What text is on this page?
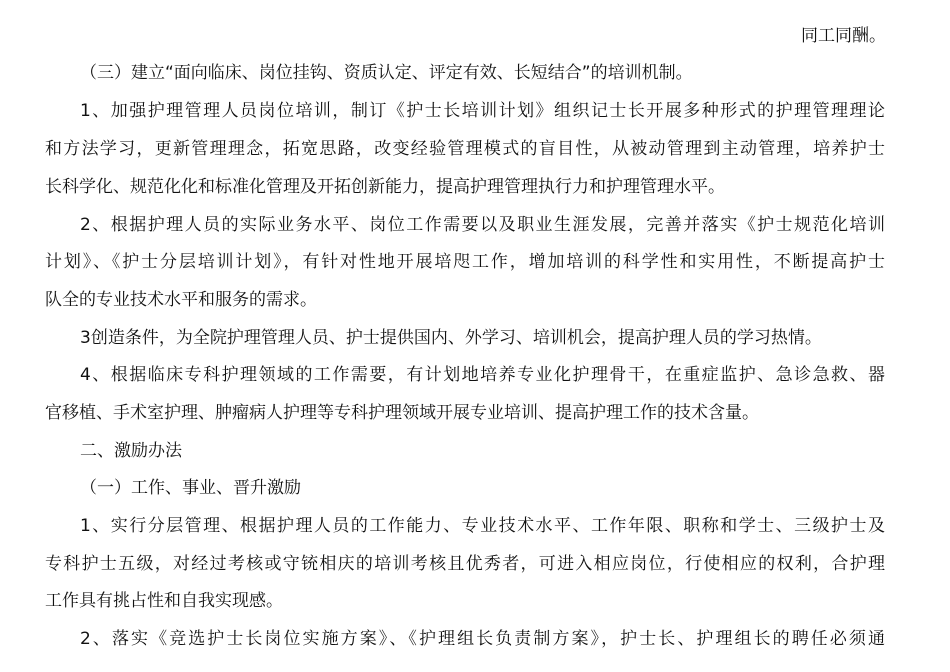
同工同酬。
（三）建立“面向临床、岗位挂钩、资质认定、评定有效、长短结合”的培训机制。
1、加强护理管理人员岗位培训，制订《护士长培训计划》组织记士长开展多种形式的护理管理理论
和方法学习，更新管理理念，拓宽思路，改变经验管理模式的盲目性，从被动管理到主动管理，培养护士
长科学化、规范化化和标准化管理及开拓创新能力，提高护理管理执行力和护理管理水平。
2、根据护理人员的实际业务水平、岗位工作需要以及职业生涯发展，完善并落实《护士规范化培训
计划》、《护士分层培训计划》，有针对性地开展培咫工作，增加培训的科学性和实用性，不断提高护士
队全的专业技术水平和服务的需求。
3创造条件，为全院护理管理人员、护士提供国内、外学习、培训机会，提高护理人员的学习热情。
4、根据临床专科护理领域的工作需要，有计划地培养专业化护理骨干，在重症监护、急诊急救、器
官移植、手术室护理、肿瘤病人护理等专科护理领域开展专业培训、提高护理工作的技术含量。
二、激励办法
（一）工作、事业、晋升激励
1、实行分层管理、根据护理人员的工作能力、专业技术水平、工作年限、职称和学士、三级护士及
专科护士五级，对经过考核或守铳相庆的培训考核且优秀者，可进入相应岗位，行使相应的权利，合护理
工作具有挑占性和自我实现感。
2、落实《竞选护士长岗位实施方案》、《护理组长负责制方案》，护士长、护理组长的聘任必须通
